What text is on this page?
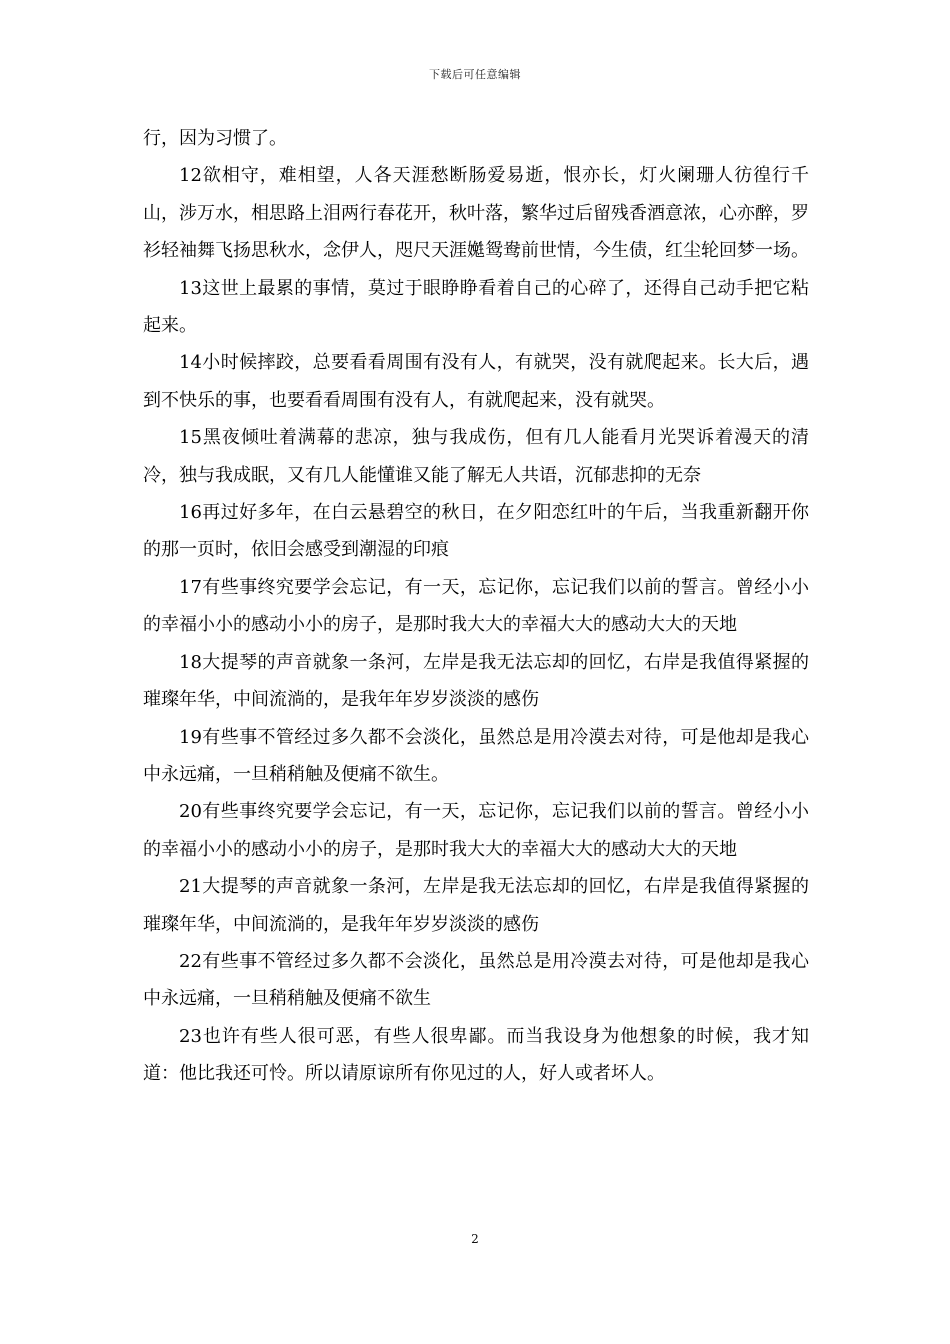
下载后可任意编辑

行，因为习惯了。

12欲相守，难相望，人各天涯愁断肠爱易逝，恨亦长，灯火阑珊人彷徨行千山，涉万水，相思路上泪两行春花开，秋叶落，繁华过后留残香酒意浓，心亦醉，罗衫轻袖舞飞扬思秋水，念伊人，咫尺天涯嬔鸳鸯前世情，今生债，红尘轮回梦一场。

13这世上最累的事情，莫过于眼睁睁看着自己的心碎了，还得自己动手把它粘起来。

14小时候摔跤，总要看看周围有没有人，有就哭，没有就爬起来。长大后，遇到不快乐的事，也要看看周围有没有人，有就爬起来，没有就哭。

15黑夜倾吐着满幕的悲凉，独与我成伤，但有几人能看月光哭诉着漫天的清冷，独与我成眠，又有几人能懂谁又能了解无人共语，沉郁悲抑的无奈

16再过好多年，在白云悬碧空的秋日，在夕阳恋红叶的午后，当我重新翻开你的那一页时，依旧会感受到潮湿的印痕

17有些事终究要学会忘记，有一天，忘记你，忘记我们以前的誓言。曾经小小的幸福小小的感动小小的房子，是那时我大大的幸福大大的感动大大的天地

18大提琴的声音就象一条河，左岸是我无法忘却的回忆，右岸是我值得紧握的璀璨年华，中间流淌的，是我年年岁岁淡淡的感伤

19有些事不管经过多久都不会淡化，虽然总是用冷漠去对待，可是他却是我心中永远痛，一旦稍稍触及便痛不欲生。

20有些事终究要学会忘记，有一天，忘记你，忘记我们以前的誓言。曾经小小的幸福小小的感动小小的房子，是那时我大大的幸福大大的感动大大的天地

21大提琴的声音就象一条河，左岸是我无法忘却的回忆，右岸是我值得紧握的璀璨年华，中间流淌的，是我年年岁岁淡淡的感伤

22有些事不管经过多久都不会淡化，虽然总是用冷漠去对待，可是他却是我心中永远痛，一旦稍稍触及便痛不欲生

23也许有些人很可恶，有些人很卑鄙。而当我设身为他想象的时候，我才知道：他比我还可怜。所以请原谅所有你见过的人，好人或者坏人。

2
